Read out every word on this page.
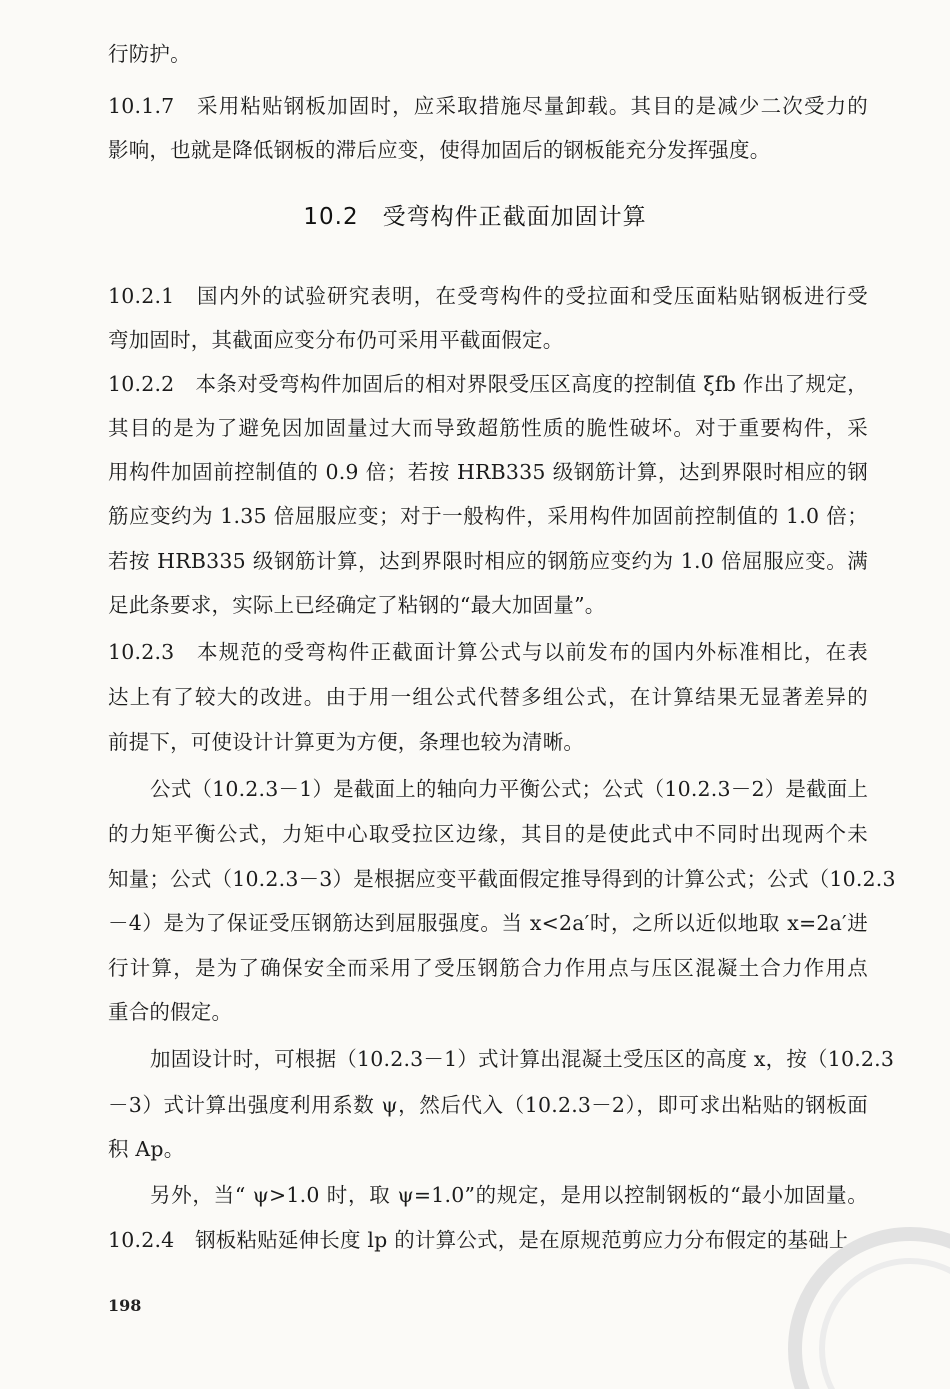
行防护。
10.1.7　采用粘贴钢板加固时，应采取措施尽量卸载。其目的是减少二次受力的
影响，也就是降低钢板的滞后应变，使得加固后的钢板能充分发挥强度。
10.2 受弯构件正截面加固计算
10.2.1　国内外的试验研究表明，在受弯构件的受拉面和受压面粘贴钢板进行受
弯加固时，其截面应变分布仍可采用平截面假定。
10.2.2　本条对受弯构件加固后的相对界限受压区高度的控制值 ξfb 作出了规定，
其目的是为了避免因加固量过大而导致超筋性质的脆性破坏。对于重要构件，采
用构件加固前控制值的 0.9 倍；若按 HRB335 级钢筋计算，达到界限时相应的钢
筋应变约为 1.35 倍屈服应变；对于一般构件，采用构件加固前控制值的 1.0 倍；
若按 HRB335 级钢筋计算，达到界限时相应的钢筋应变约为 1.0 倍屈服应变。满
足此条要求，实际上已经确定了粘钢的“最大加固量”。
10.2.3　本规范的受弯构件正截面计算公式与以前发布的国内外标准相比，在表
达上有了较大的改进。由于用一组公式代替多组公式，在计算结果无显著差异的
前提下，可使设计计算更为方便，条理也较为清晰。
公式（10.2.3－1）是截面上的轴向力平衡公式；公式（10.2.3－2）是截面上
的力矩平衡公式，力矩中心取受拉区边缘，其目的是使此式中不同时出现两个未
知量；公式（10.2.3－3）是根据应变平截面假定推导得到的计算公式；公式（10.2.3
－4）是为了保证受压钢筋达到屈服强度。当 x<2a′时，之所以近似地取 x=2a′进
行计算，是为了确保安全而采用了受压钢筋合力作用点与压区混凝土合力作用点
重合的假定。
加固设计时，可根据（10.2.3－1）式计算出混凝土受压区的高度 x，按（10.2.3
－3）式计算出强度利用系数 ψ，然后代入（10.2.3－2），即可求出粘贴的钢板面
积 Ap。
另外，当“ ψ>1.0 时，取 ψ=1.0”的规定，是用以控制钢板的“最小加固量。
10.2.4　钢板粘贴延伸长度 lp 的计算公式，是在原规范剪应力分布假定的基础上，
198
